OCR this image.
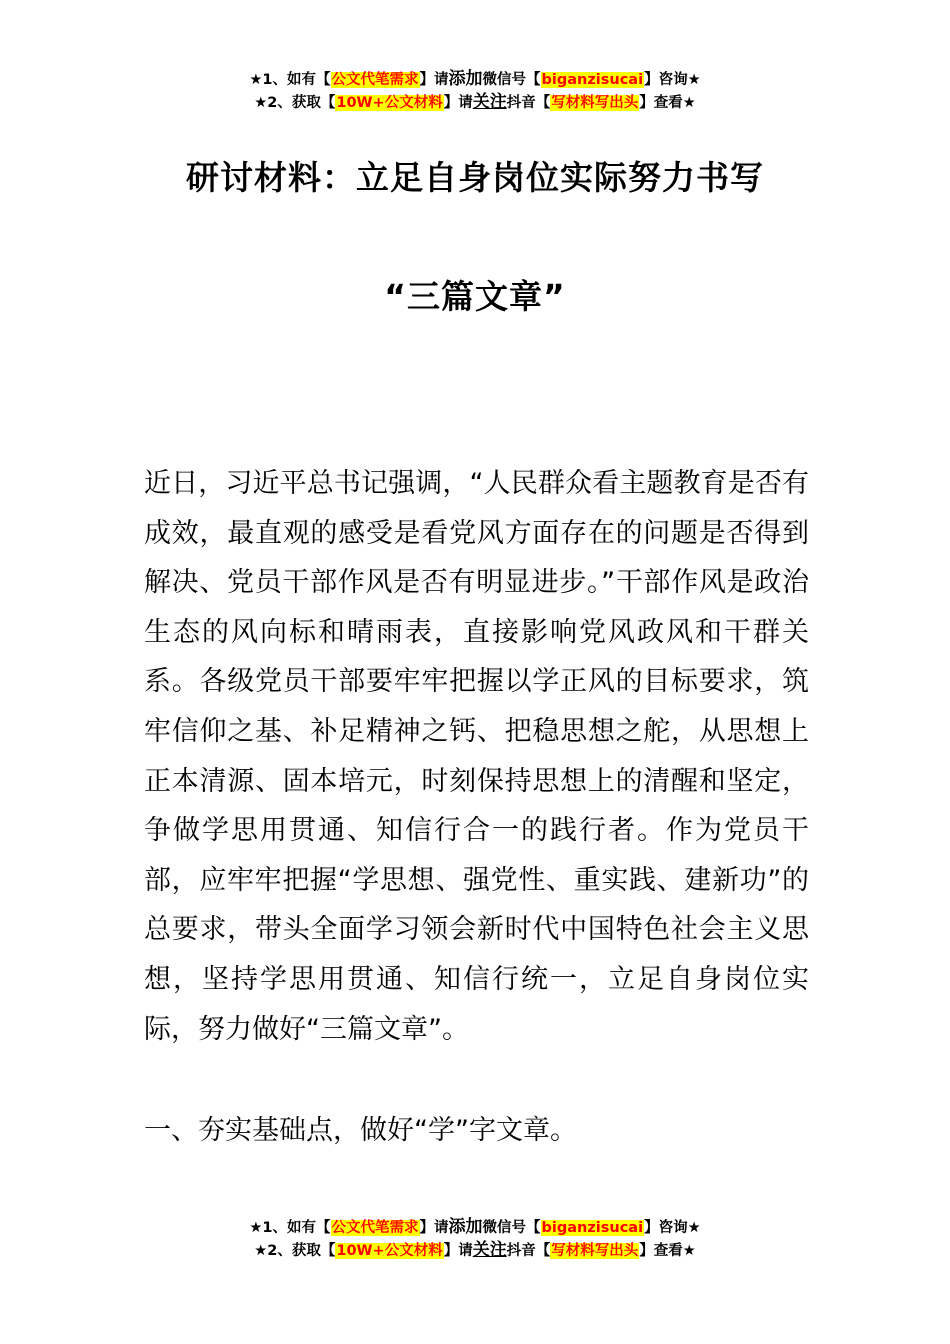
★1、如有【公文代笔需求】请添加微信号【biganzisucai】咨询★
★2、获取【10W+公文材料】请关注抖音【写材料写出头】查看★
研讨材料：立足自身岗位实际努力书写
“三篇文章”
近日，习近平总书记强调，“人民群众看主题教育是否有成效，最直观的感受是看党风方面存在的问题是否得到解决、党员干部作风是否有明显进步。”干部作风是政治生态的风向标和晴雨表，直接影响党风政风和干群关系。各级党员干部要牢牢把握以学正风的目标要求，筑牢信仰之基、补足精神之钙、把稳思想之舵，从思想上正本清源、固本培元，时刻保持思想上的清醒和坚定，争做学思用贯通、知信行合一的践行者。作为党员干部，应牢牢把握“学思想、强党性、重实践、建新功”的总要求，带头全面学习领会新时代中国特色社会主义思想，坚持学思用贯通、知信行统一，立足自身岗位实际，努力做好“三篇文章”。
一、夯实基础点，做好“学”字文章。
★1、如有【公文代笔需求】请添加微信号【biganzisucai】咨询★
★2、获取【10W+公文材料】请关注抖音【写材料写出头】查看★
